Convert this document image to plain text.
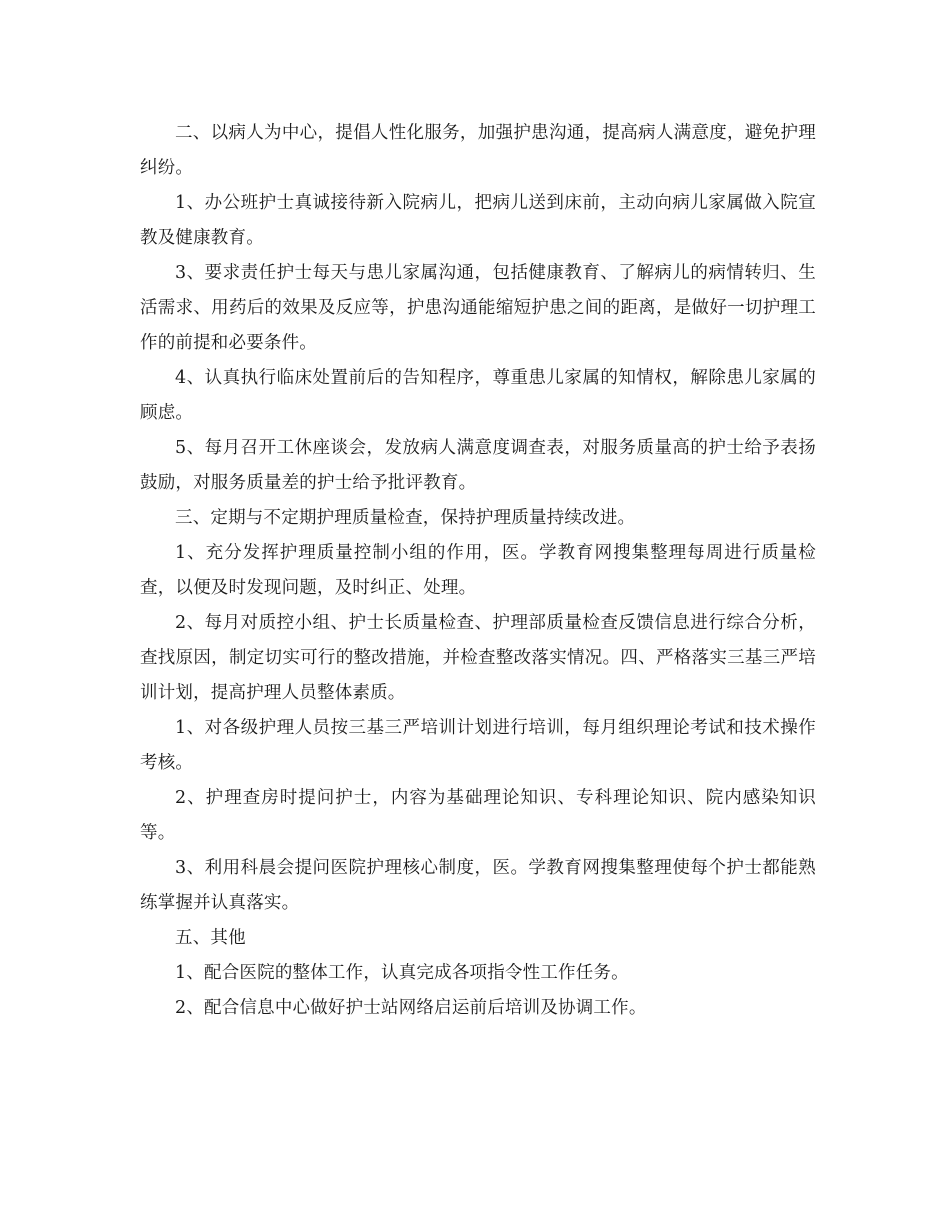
二、以病人为中心，提倡人性化服务，加强护患沟通，提高病人满意度，避免护理纠纷。

1、办公班护士真诚接待新入院病儿，把病儿送到床前，主动向病儿家属做入院宣教及健康教育。

3、要求责任护士每天与患儿家属沟通，包括健康教育、了解病儿的病情转归、生活需求、用药后的效果及反应等，护患沟通能缩短护患之间的距离，是做好一切护理工作的前提和必要条件。

4、认真执行临床处置前后的告知程序，尊重患儿家属的知情权，解除患儿家属的顾虑。

5、每月召开工休座谈会，发放病人满意度调查表，对服务质量高的护士给予表扬鼓励，对服务质量差的护士给予批评教育。

三、定期与不定期护理质量检查，保持护理质量持续改进。

1、充分发挥护理质量控制小组的作用，医。学教育网搜集整理每周进行质量检查，以便及时发现问题，及时纠正、处理。

2、每月对质控小组、护士长质量检查、护理部质量检查反馈信息进行综合分析，查找原因，制定切实可行的整改措施，并检查整改落实情况。四、严格落实三基三严培训计划，提高护理人员整体素质。

1、对各级护理人员按三基三严培训计划进行培训，每月组织理论考试和技术操作考核。

2、护理查房时提问护士，内容为基础理论知识、专科理论知识、院内感染知识等。

3、利用科晨会提问医院护理核心制度，医。学教育网搜集整理使每个护士都能熟练掌握并认真落实。

五、其他

1、配合医院的整体工作，认真完成各项指令性工作任务。

2、配合信息中心做好护士站网络启运前后培训及协调工作。
